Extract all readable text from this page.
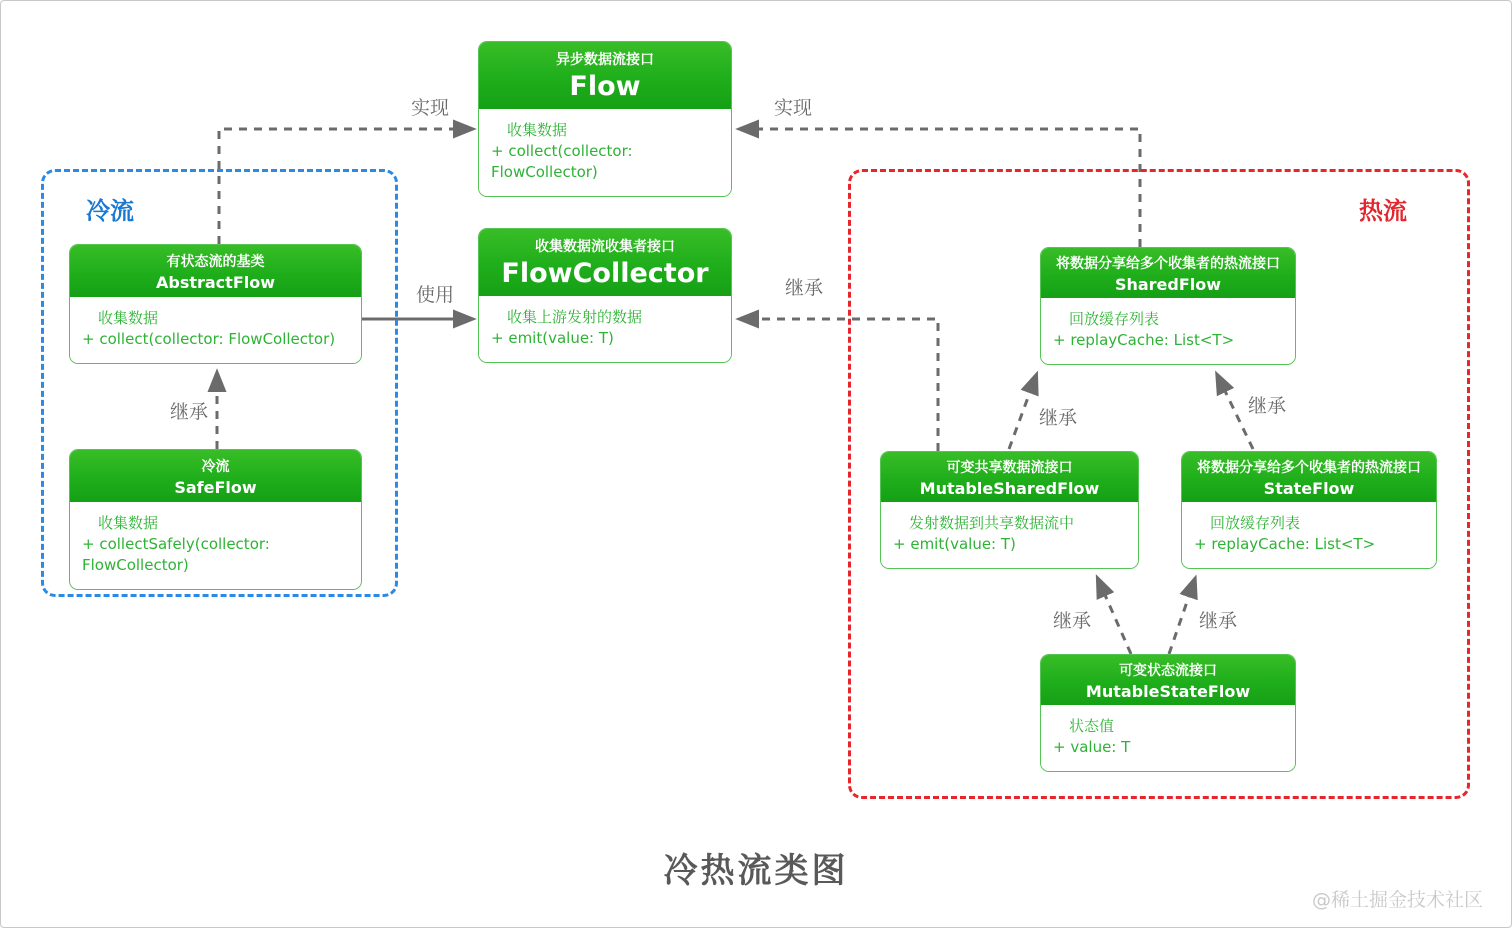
冷流	热流
异步数据流接口
Flow
收集数据
+ collect(collector: FlowCollector)
收集数据流收集者接口
FlowCollector
收集上游发射的数据
+ emit(value: T)
有状态流的基类
AbstractFlow
收集数据
+ collect(collector: FlowCollector)
冷流
SafeFlow
收集数据
+ collectSafely(collector: FlowCollector)
将数据分享给多个收集者的热流接口
SharedFlow
回放缓存列表
+ replayCache: List<T>
可变共享数据流接口
MutableSharedFlow
发射数据到共享数据流中
+ emit(value: T)
将数据分享给多个收集者的热流接口
StateFlow
回放缓存列表
+ replayCache: List<T>
可变状态流接口
MutableStateFlow
状态值
+ value: T
实现	实现
使用	继承
继承	继承
继承
继承	继承
冷热流类图
@稀土掘金技术社区
